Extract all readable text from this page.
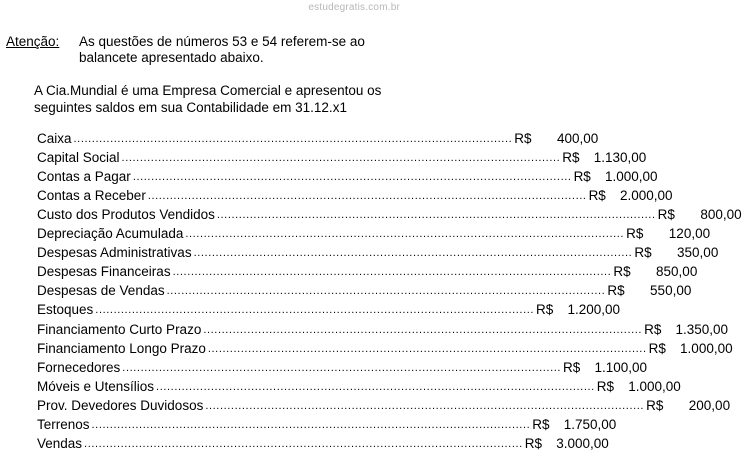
estudegratis.com.br
Atenção: As questões de números 53 e 54 referem-se ao balancete apresentado abaixo.
A Cia.Mundial é uma Empresa Comercial e apresentou os seguintes saldos em sua Contabilidade em 31.12.x1
Caixa ........................................................................................................................ R$ 400,00
Capital Social ........................................................................................................................ R$ 1.130,00
Contas a Pagar ........................................................................................................................ R$ 1.000,00
Contas a Receber ........................................................................................................................ R$ 2.000,00
Custo dos Produtos Vendidos ........................................................................................................................ R$ 800,00
Depreciação Acumulada ........................................................................................................................ R$ 120,00
Despesas Administrativas ........................................................................................................................ R$ 350,00
Despesas Financeiras ........................................................................................................................ R$ 850,00
Despesas de Vendas ........................................................................................................................ R$ 550,00
Estoques ........................................................................................................................ R$ 1.200,00
Financiamento Curto Prazo ........................................................................................................................ R$ 1.350,00
Financiamento Longo Prazo ........................................................................................................................ R$ 1.000,00
Fornecedores ........................................................................................................................ R$ 1.100,00
Móveis e Utensílios ........................................................................................................................ R$ 1.000,00
Prov. Devedores Duvidosos ........................................................................................................................ R$ 200,00
Terrenos ........................................................................................................................ R$ 1.750,00
Vendas ........................................................................................................................ R$ 3.000,00
